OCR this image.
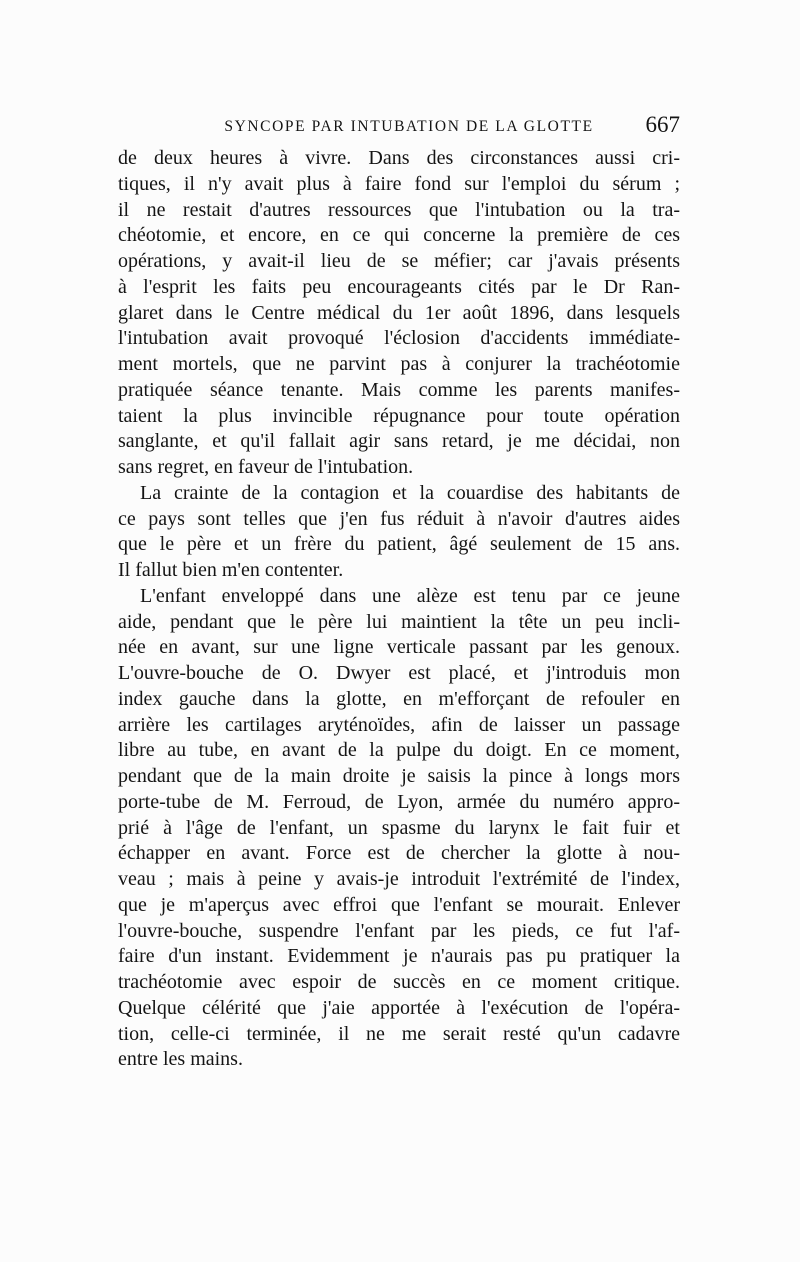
SYNCOPE PAR INTUBATION DE LA GLOTTE	667
de deux heures à vivre. Dans des circonstances aussi cri-
tiques, il n'y avait plus à faire fond sur l'emploi du sérum ;
il ne restait d'autres ressources que l'intubation ou la tra-
chéotomie, et encore, en ce qui concerne la première de ces
opérations, y avait-il lieu de se méfier; car j'avais présents
à l'esprit les faits peu encourageants cités par le Dr Ran-
glaret dans le Centre médical du 1er août 1896, dans lesquels
l'intubation avait provoqué l'éclosion d'accidents immédiate-
ment mortels, que ne parvint pas à conjurer la trachéotomie
pratiquée séance tenante. Mais comme les parents manifes-
taient la plus invincible répugnance pour toute opération
sanglante, et qu'il fallait agir sans retard, je me décidai, non
sans regret, en faveur de l'intubation.
La crainte de la contagion et la couardise des habitants de
ce pays sont telles que j'en fus réduit à n'avoir d'autres aides
que le père et un frère du patient, âgé seulement de 15 ans.
Il fallut bien m'en contenter.
L'enfant enveloppé dans une alèze est tenu par ce jeune
aide, pendant que le père lui maintient la tête un peu incli-
née en avant, sur une ligne verticale passant par les genoux.
L'ouvre-bouche de O. Dwyer est placé, et j'introduis mon
index gauche dans la glotte, en m'efforçant de refouler en
arrière les cartilages aryténoïdes, afin de laisser un passage
libre au tube, en avant de la pulpe du doigt. En ce moment,
pendant que de la main droite je saisis la pince à longs mors
porte-tube de M. Ferroud, de Lyon, armée du numéro appro-
prié à l'âge de l'enfant, un spasme du larynx le fait fuir et
échapper en avant. Force est de chercher la glotte à nou-
veau ; mais à peine y avais-je introduit l'extrémité de l'index,
que je m'aperçus avec effroi que l'enfant se mourait. Enlever
l'ouvre-bouche, suspendre l'enfant par les pieds, ce fut l'af-
faire d'un instant. Evidemment je n'aurais pas pu pratiquer la
trachéotomie avec espoir de succès en ce moment critique.
Quelque célérité que j'aie apportée à l'exécution de l'opéra-
tion, celle-ci terminée, il ne me serait resté qu'un cadavre
entre les mains.
